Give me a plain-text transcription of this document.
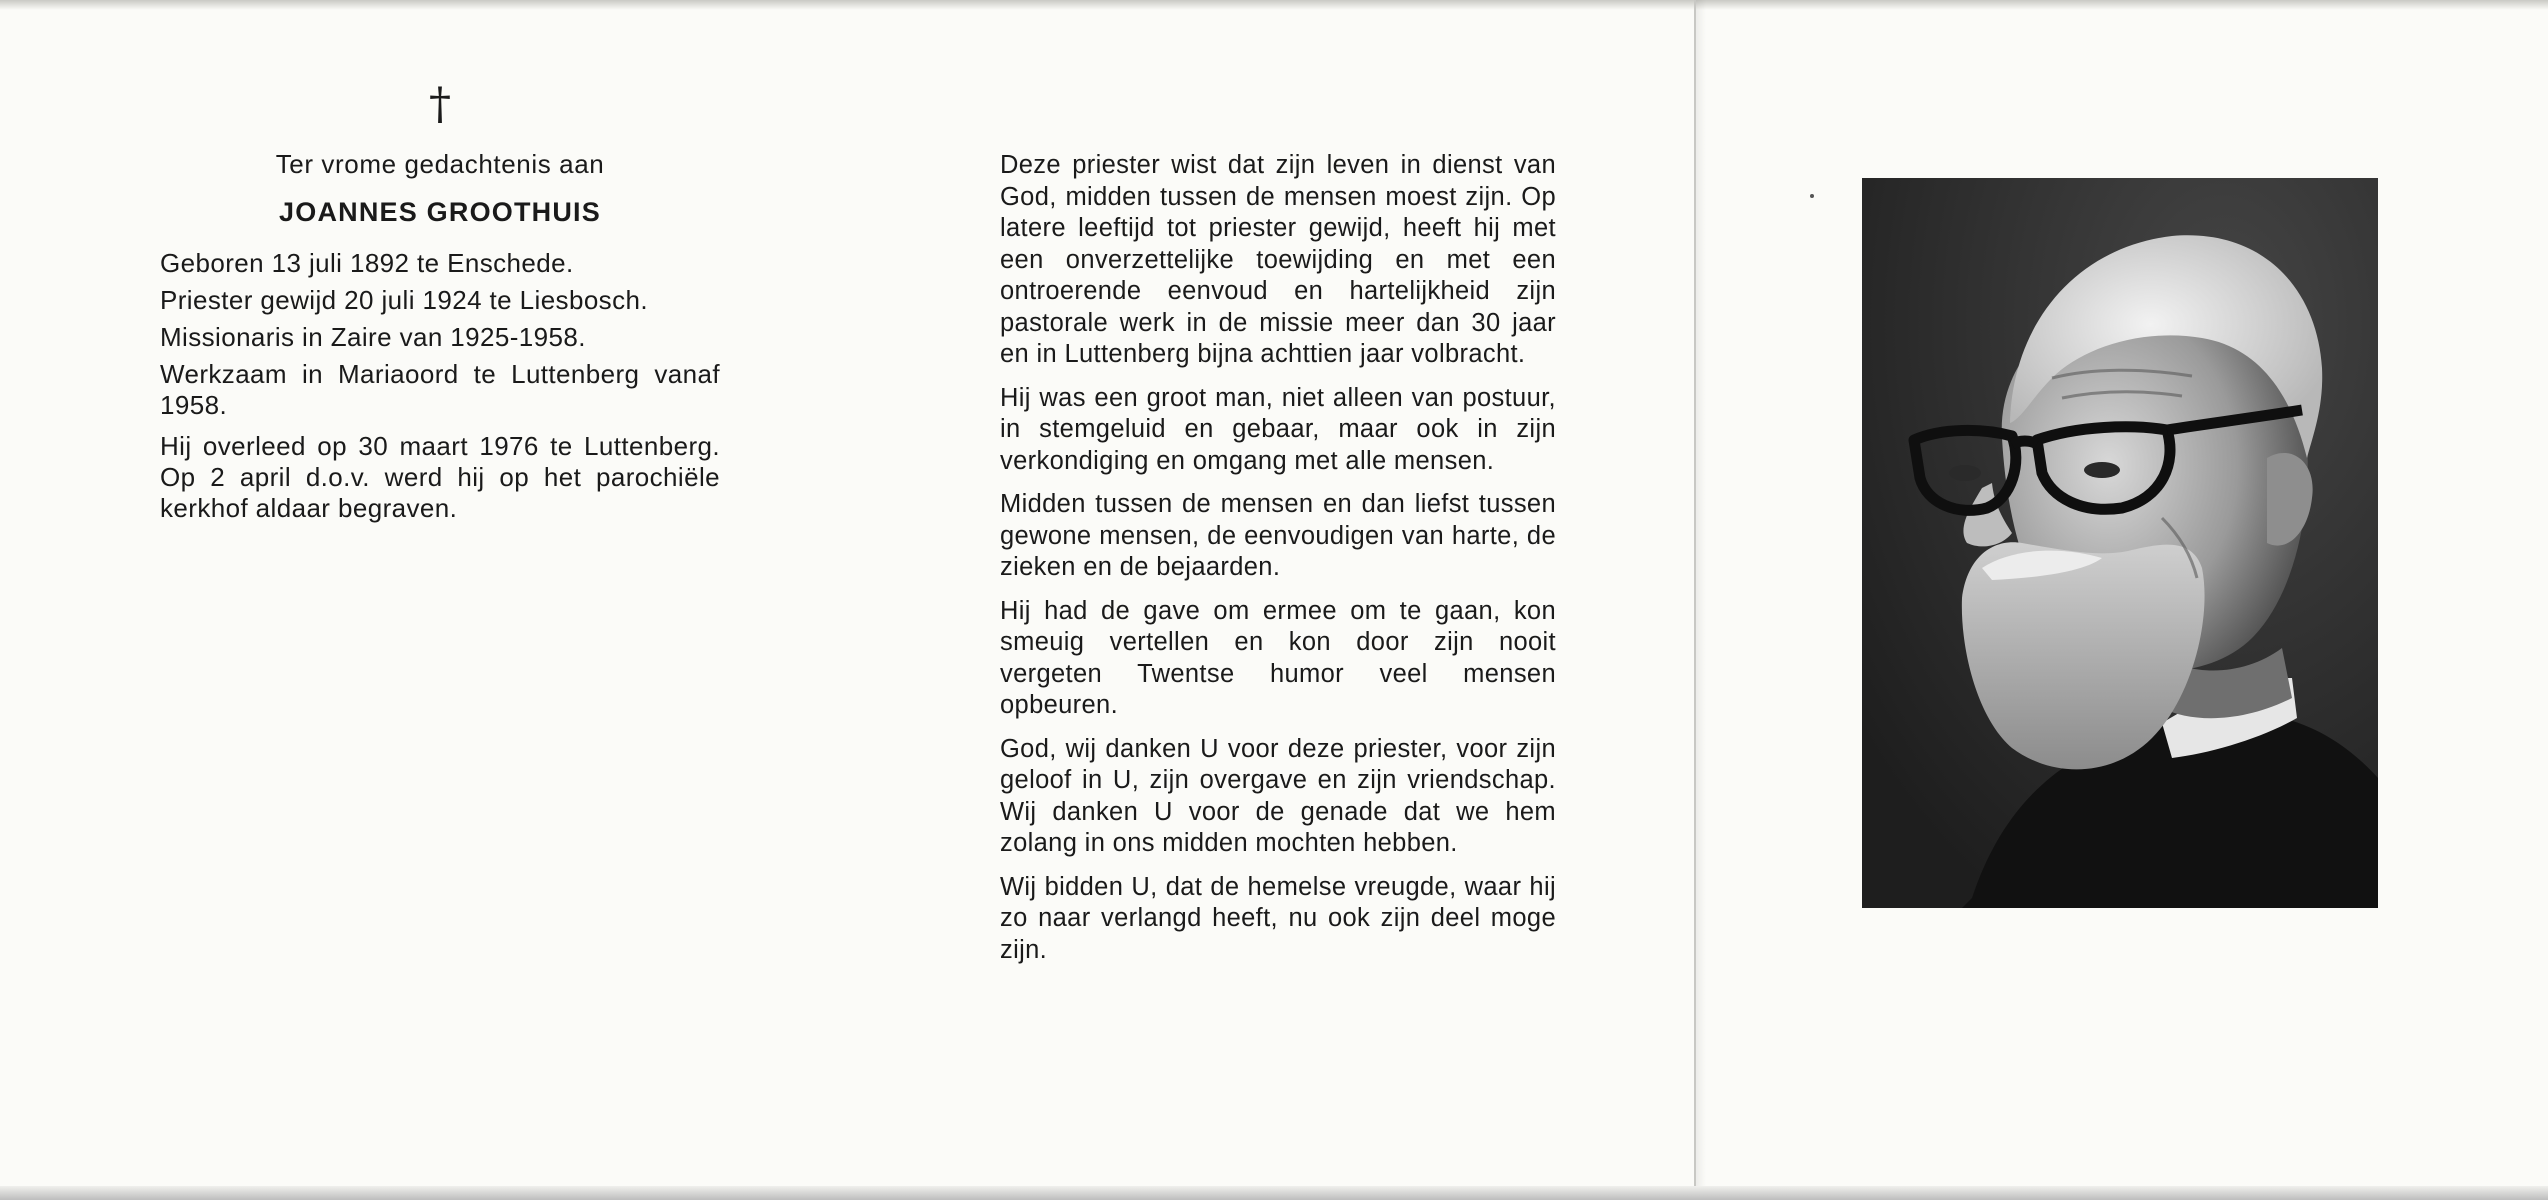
†
Ter vrome gedachtenis aan
JOANNES GROOTHUIS
Geboren 13 juli 1892 te Enschede.
Priester gewijd 20 juli 1924 te Liesbosch.
Missionaris in Zaire van 1925-1958.
Werkzaam in Mariaoord te Luttenberg vanaf 1958.
Hij overleed op 30 maart 1976 te Luttenberg. Op 2 april d.o.v. werd hij op het parochiële kerkhof aldaar begraven.

Deze priester wist dat zijn leven in dienst van God, midden tussen de mensen moest zijn. Op latere leeftijd tot priester gewijd, heeft hij met een onverzettelijke toewijding en met een ontroerende eenvoud en hartelijkheid zijn pastorale werk in de missie meer dan 30 jaar en in Luttenberg bijna achttien jaar volbracht.

Hij was een groot man, niet alleen van postuur, in stemgeluid en gebaar, maar ook in zijn verkondiging en omgang met alle mensen.

Midden tussen de mensen en dan liefst tussen gewone mensen, de eenvoudigen van harte, de zieken en de bejaarden.

Hij had de gave om ermee om te gaan, kon smeuig vertellen en kon door zijn nooit vergeten Twentse humor veel mensen opbeuren.

God, wij danken U voor deze priester, voor zijn geloof in U, zijn overgave en zijn vriendschap. Wij danken U voor de genade dat we hem zolang in ons midden mochten hebben.

Wij bidden U, dat de hemelse vreugde, waar hij zo naar verlangd heeft, nu ook zijn deel moge zijn.
